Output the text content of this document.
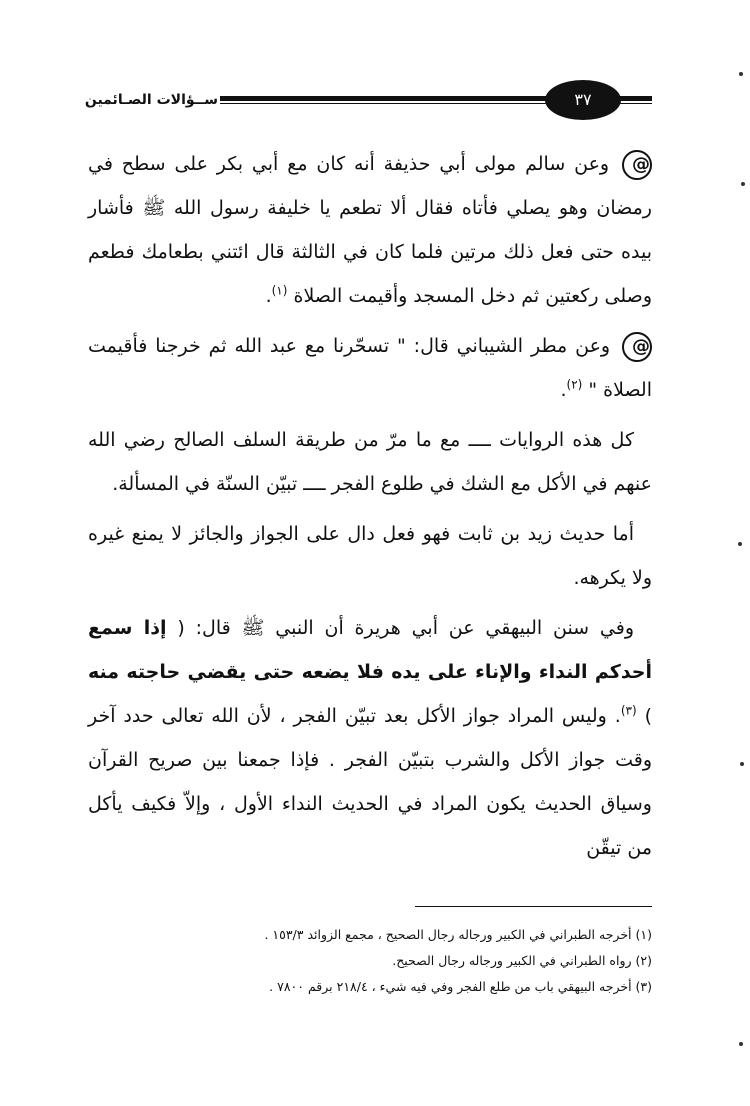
ســؤالات الصـائمين	٣٧

@ وعن سالم مولى أبي حذيفة أنه كان مع أبي بكر على سطح في رمضان وهو يصلي فأتاه فقال ألا تطعم يا خليفة رسول الله ﷺ فأشار بيده حتى فعل ذلك مرتين فلما كان في الثالثة قال ائتني بطعامك فطعم وصلى ركعتين ثم دخل المسجد وأقيمت الصلاة $^{(١)}$.

@ وعن مطر الشيباني قال: " تسحّرنا مع عبد الله ثم خرجنا فأقيمت الصلاة " $^{(٢)}$.

كل هذه الروايات ــــ مع ما مرّ من طريقة السلف الصالح رضي الله عنهم في الأكل مع الشك في طلوع الفجر ــــ تبيّن السنّة في المسألة.

أما حديث زيد بن ثابت فهو فعل دال على الجواز والجائز لا يمنع غيره ولا يكرهه.

وفي سنن البيهقي عن أبي هريرة أن النبي ﷺ قال: ( إذا سمع أحدكم النداء والإناء على يده فلا يضعه حتى يقضي حاجته منه ) $^{(٣)}$. وليس المراد جواز الأكل بعد تبيّن الفجر ، لأن الله تعالى حدد آخر وقت جواز الأكل والشرب بتبيّن الفجر . فإذا جمعنا بين صريح القرآن وسياق الحديث يكون المراد في الحديث النداء الأول ، وإلاّ فكيف يأكل من تيقّن

(١) أخرجه الطبراني في الكبير ورجاله رجال الصحيح ، مجمع الزوائد ١٥٣/٣ .

(٢) رواه الطبراني في الكبير ورجاله رجال الصحيح.

(٣) أخرجه البيهقي باب من طلع الفجر وفي فيه شيء ، ٢١٨/٤ برقم ٧٨٠٠ .
